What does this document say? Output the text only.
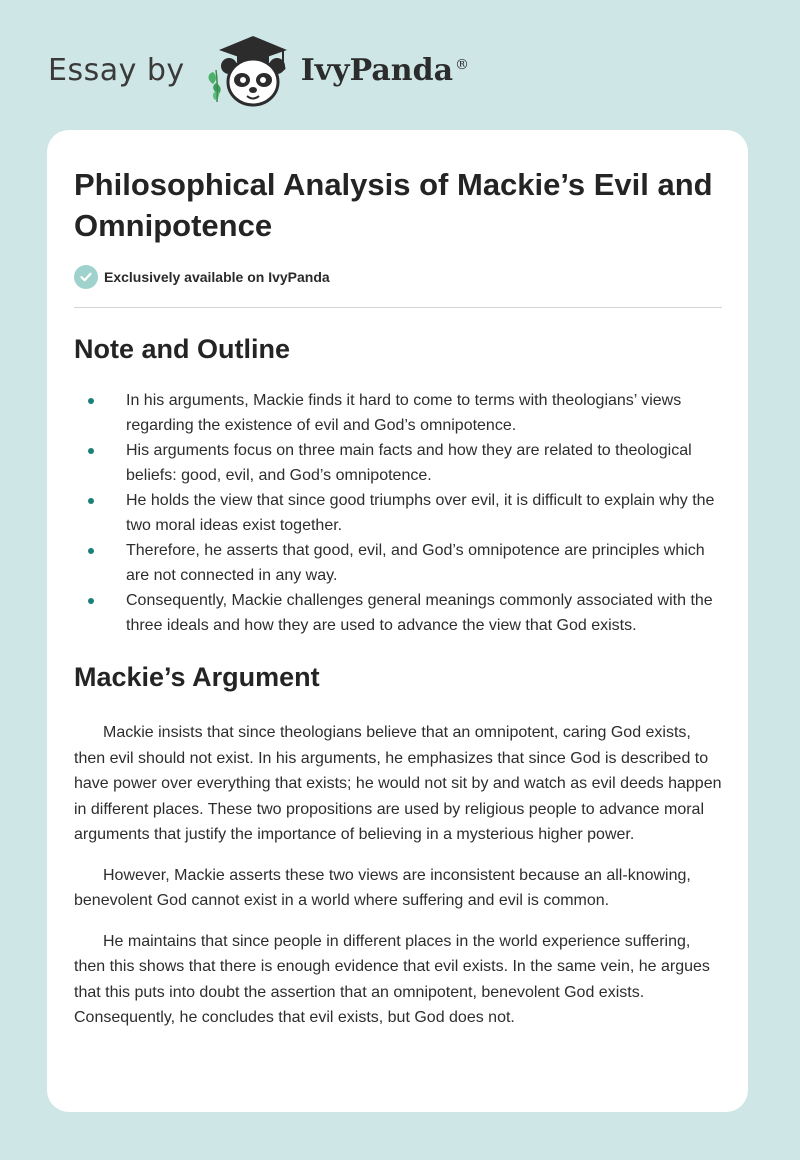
Essay by	IvyPanda ®
Philosophical Analysis of Mackie’s Evil and Omnipotence
Exclusively available on IvyPanda
Note and Outline
In his arguments, Mackie finds it hard to come to terms with theologians’ views regarding the existence of evil and God’s omnipotence.
His arguments focus on three main facts and how they are related to theological beliefs: good, evil, and God’s omnipotence.
He holds the view that since good triumphs over evil, it is difficult to explain why the two moral ideas exist together.
Therefore, he asserts that good, evil, and God’s omnipotence are principles which are not connected in any way.
Consequently, Mackie challenges general meanings commonly associated with the three ideals and how they are used to advance the view that God exists.
Mackie’s Argument

Mackie insists that since theologians believe that an omnipotent, caring God exists, then evil should not exist. In his arguments, he emphasizes that since God is described to have power over everything that exists; he would not sit by and watch as evil deeds happen in different places. These two propositions are used by religious people to advance moral arguments that justify the importance of believing in a mysterious higher power.

However, Mackie asserts these two views are inconsistent because an all-knowing, benevolent God cannot exist in a world where suffering and evil is common.

He maintains that since people in different places in the world experience suffering, then this shows that there is enough evidence that evil exists. In the same vein, he argues that this puts into doubt the assertion that an omnipotent, benevolent God exists. Consequently, he concludes that evil exists, but God does not.
